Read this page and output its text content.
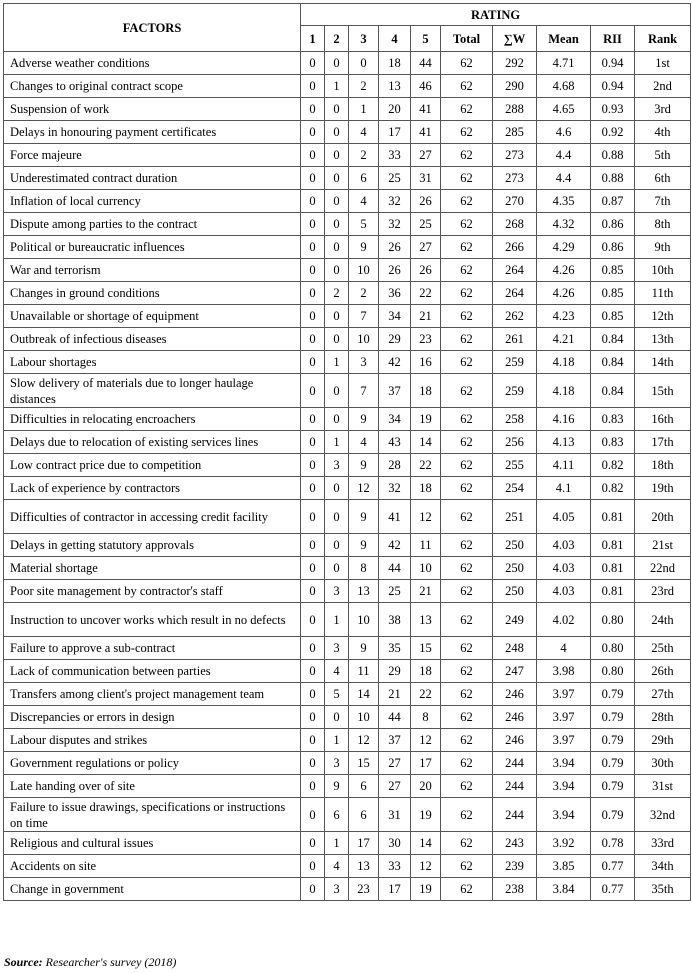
FACTORS	RATING									
	1	2	3	4	5	Total	∑W	Mean	RII	Rank
Adverse weather conditions	0	0	0	18	44	62	292	4.71	0.94	1st
Changes to original contract scope	0	1	2	13	46	62	290	4.68	0.94	2nd
Suspension of work	0	0	1	20	41	62	288	4.65	0.93	3rd
Delays in honouring payment certificates	0	0	4	17	41	62	285	4.6	0.92	4th
Force majeure	0	0	2	33	27	62	273	4.4	0.88	5th
Underestimated contract duration	0	0	6	25	31	62	273	4.4	0.88	6th
Inflation of local currency	0	0	4	32	26	62	270	4.35	0.87	7th
Dispute among parties to the contract	0	0	5	32	25	62	268	4.32	0.86	8th
Political or bureaucratic influences	0	0	9	26	27	62	266	4.29	0.86	9th
War and terrorism	0	0	10	26	26	62	264	4.26	0.85	10th
Changes in ground conditions	0	2	2	36	22	62	264	4.26	0.85	11th
Unavailable or shortage of equipment	0	0	7	34	21	62	262	4.23	0.85	12th
Outbreak of infectious diseases	0	0	10	29	23	62	261	4.21	0.84	13th
Labour shortages	0	1	3	42	16	62	259	4.18	0.84	14th
Slow delivery of materials due to longer haulage distances	0	0	7	37	18	62	259	4.18	0.84	15th
Difficulties in relocating encroachers	0	0	9	34	19	62	258	4.16	0.83	16th
Delays due to relocation of existing services lines	0	1	4	43	14	62	256	4.13	0.83	17th
Low contract price due to competition	0	3	9	28	22	62	255	4.11	0.82	18th
Lack of experience by contractors	0	0	12	32	18	62	254	4.1	0.82	19th
Difficulties of contractor in accessing credit facility	0	0	9	41	12	62	251	4.05	0.81	20th
Delays in getting statutory approvals	0	0	9	42	11	62	250	4.03	0.81	21st
Material shortage	0	0	8	44	10	62	250	4.03	0.81	22nd
Poor site management by contractor's staff	0	3	13	25	21	62	250	4.03	0.81	23rd
Instruction to uncover works which result in no defects	0	1	10	38	13	62	249	4.02	0.80	24th
Failure to approve a sub-contract	0	3	9	35	15	62	248	4	0.80	25th
Lack of communication between parties	0	4	11	29	18	62	247	3.98	0.80	26th
Transfers among client's project management team	0	5	14	21	22	62	246	3.97	0.79	27th
Discrepancies or errors in design	0	0	10	44	8	62	246	3.97	0.79	28th
Labour disputes and strikes	0	1	12	37	12	62	246	3.97	0.79	29th
Government regulations or policy	0	3	15	27	17	62	244	3.94	0.79	30th
Late handing over of site	0	9	6	27	20	62	244	3.94	0.79	31st
Failure to issue drawings, specifications or instructions on time	0	6	6	31	19	62	244	3.94	0.79	32nd
Religious and cultural issues	0	1	17	30	14	62	243	3.92	0.78	33rd
Accidents on site	0	4	13	33	12	62	239	3.85	0.77	34th
Change in government	0	3	23	17	19	62	238	3.84	0.77	35th
Source: Researcher's survey (2018)
